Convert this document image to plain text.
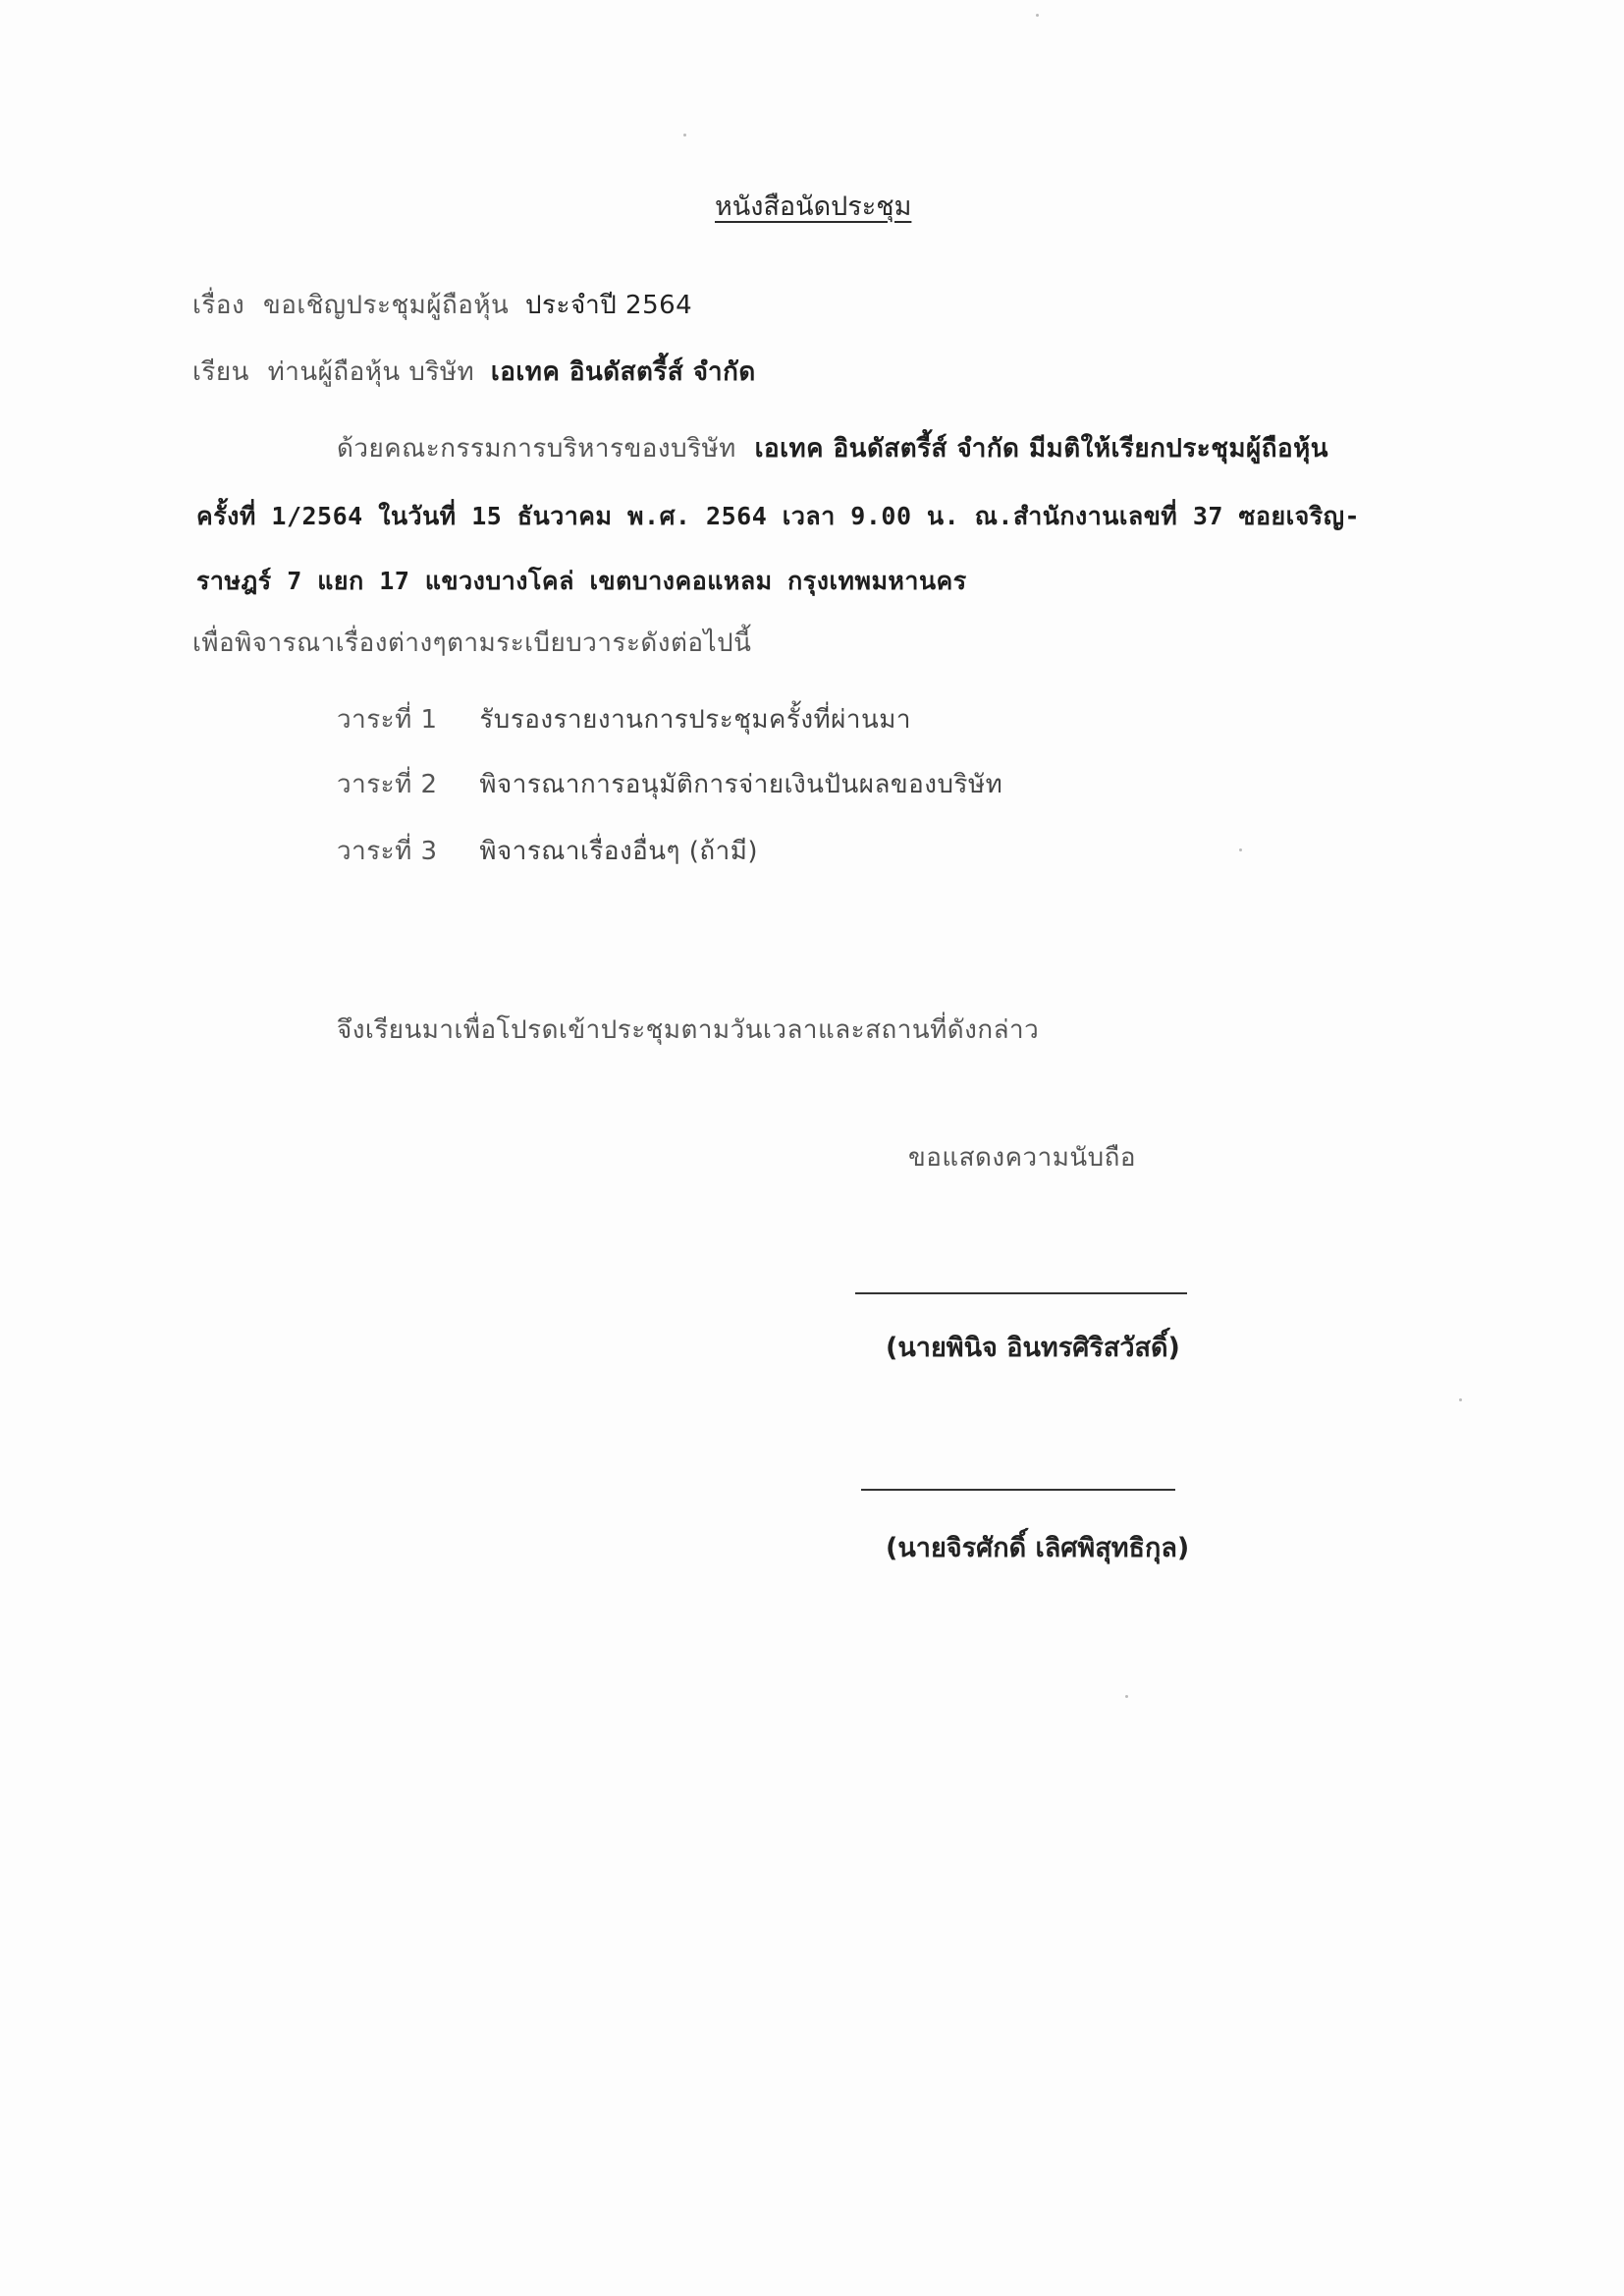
หนังสือนัดประชุม
เรื่อง ขอเชิญประชุมผู้ถือหุ้น ประจำปี 2564
เรียน ท่านผู้ถือหุ้น บริษัท เอเทค อินดัสตรี้ส์ จำกัด
ด้วยคณะกรรมการบริหารของบริษัท เอเทค อินดัสตรี้ส์ จำกัด มีมติให้เรียกประชุมผู้ถือหุ้น
ครั้งที่ 1/2564 ในวันที่ 15 ธันวาคม พ.ศ. 2564 เวลา 9.00 น. ณ.สำนักงานเลขที่ 37 ซอยเจริญ-
ราษฎร์ 7 แยก 17 แขวงบางโคล่ เขตบางคอแหลม กรุงเทพมหานคร
เพื่อพิจารณาเรื่องต่างๆตามระเบียบวาระดังต่อไปนี้
วาระที่ 1 รับรองรายงานการประชุมครั้งที่ผ่านมา
วาระที่ 2 พิจารณาการอนุมัติการจ่ายเงินปันผลของบริษัท
วาระที่ 3 พิจารณาเรื่องอื่นๆ (ถ้ามี)
จึงเรียนมาเพื่อโปรดเข้าประชุมตามวันเวลาและสถานที่ดังกล่าว
ขอแสดงความนับถือ
(นายพินิจ อินทรศิริสวัสดิ์)
(นายจิรศักดิ์ เลิศพิสุทธิกุล)
